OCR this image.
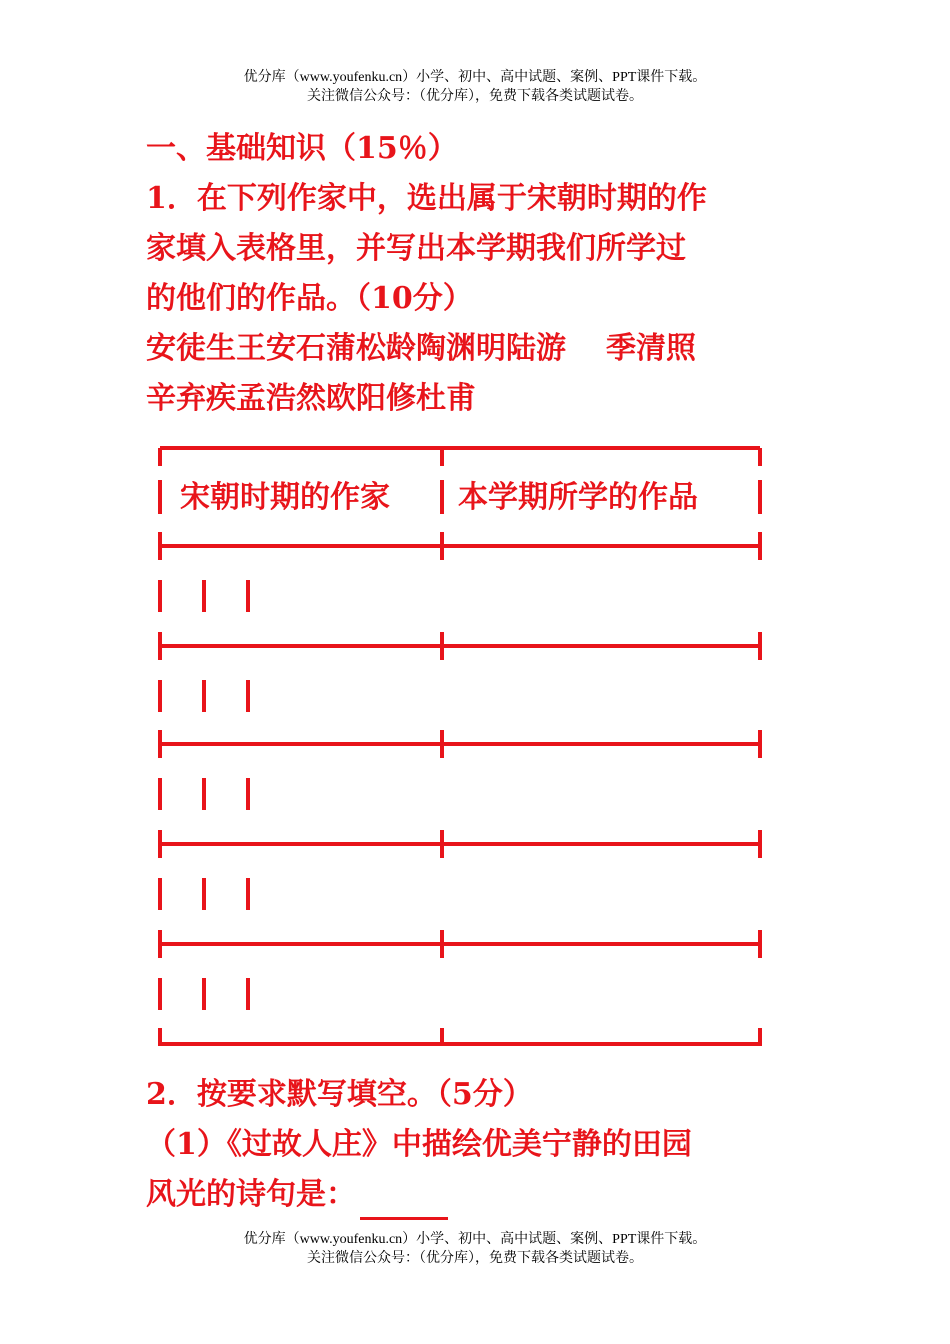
优分库（www.youfenku.cn）小学、初中、高中试题、案例、PPT课件下载。
关注微信公众号：（优分库），免费下载各类试题试卷。
一、基础知识（15％）
1．在下列作家中，选出属于宋朝时期的作
家填入表格里，并写出本学期我们所学过
的他们的作品。（10分）
安徒生王安石蒲松龄陶渊明陆游 季清照
辛弃疾孟浩然欧阳修杜甫
宋朝时期的作家 本学期所学的作品
2．按要求默写填空。（5分）
（1）《过故人庄》中描绘优美宁静的田园
风光的诗句是：
优分库（www.youfenku.cn）小学、初中、高中试题、案例、PPT课件下载。
关注微信公众号：（优分库），免费下载各类试题试卷。
